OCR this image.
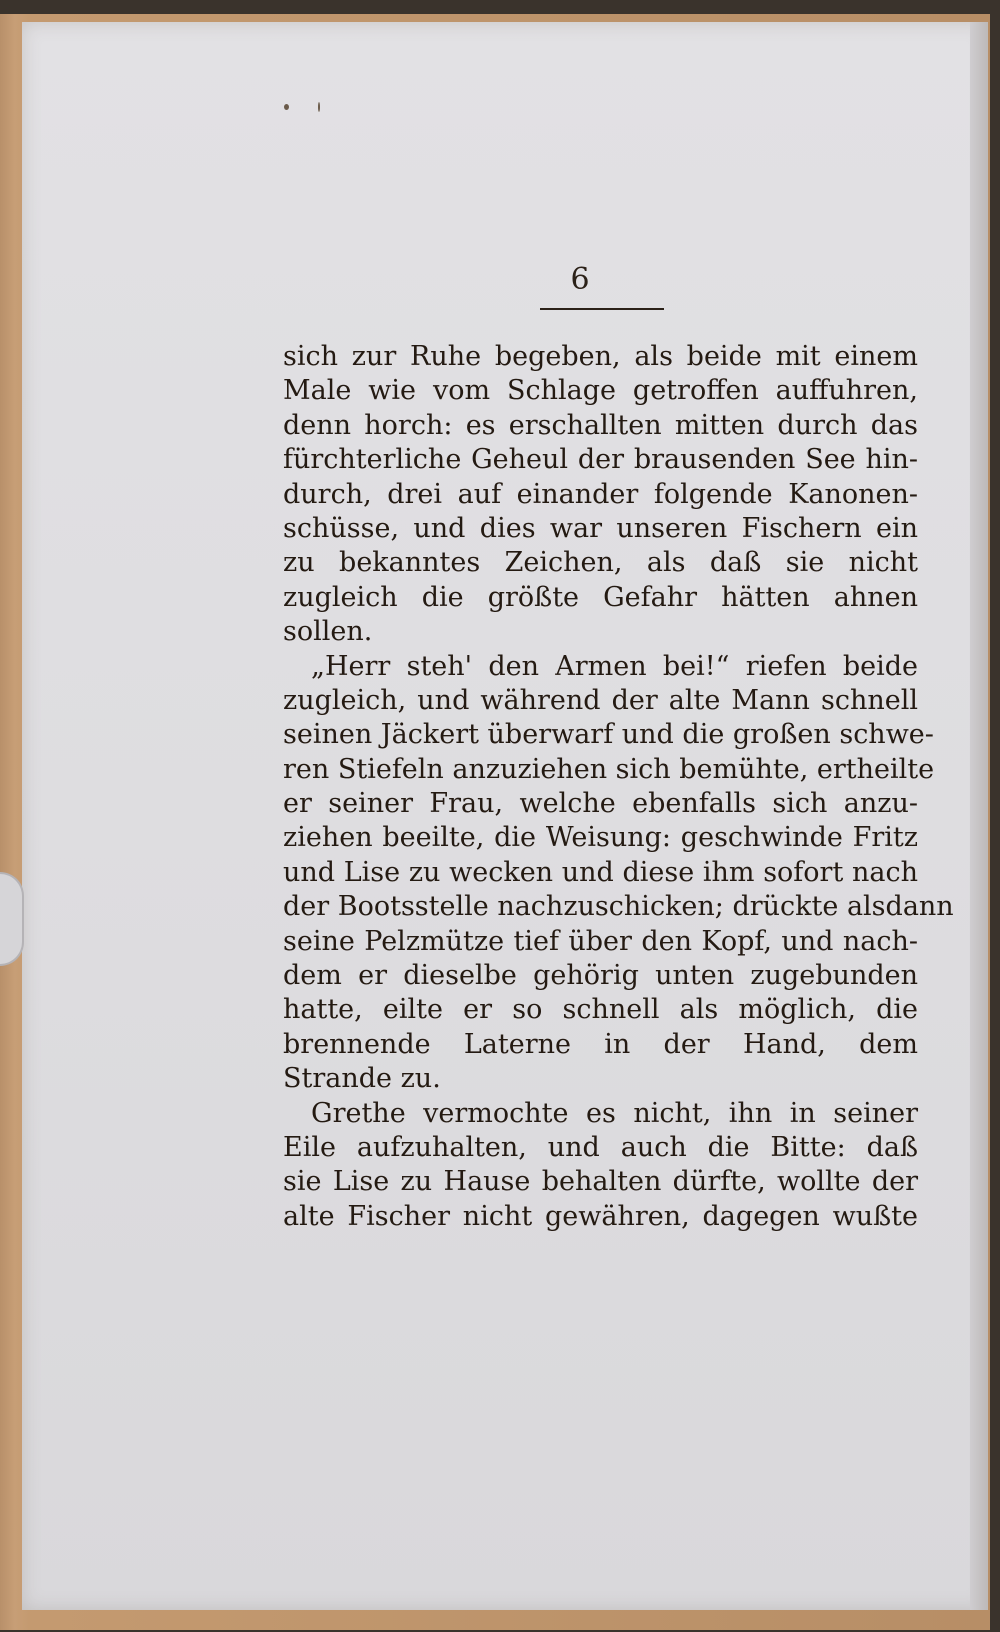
6
sich zur Ruhe begeben, als beide mit einem
Male wie vom Schlage getroffen auffuhren,
denn horch: es erschallten mitten durch das
fürchterliche Geheul der brausenden See hin-
durch, drei auf einander folgende Kanonen-
schüsse, und dies war unseren Fischern ein
zu bekanntes Zeichen, als daß sie nicht
zugleich die größte Gefahr hätten ahnen
sollen.
„Herr steh' den Armen bei!“ riefen beide
zugleich, und während der alte Mann schnell
seinen Jäckert überwarf und die großen schwe-
ren Stiefeln anzuziehen sich bemühte, ertheilte
er seiner Frau, welche ebenfalls sich anzu-
ziehen beeilte, die Weisung: geschwinde Fritz
und Lise zu wecken und diese ihm sofort nach
der Bootsstelle nachzuschicken; drückte alsdann
seine Pelzmütze tief über den Kopf, und nach-
dem er dieselbe gehörig unten zugebunden
hatte, eilte er so schnell als möglich, die
brennende Laterne in der Hand, dem
Strande zu.
Grethe vermochte es nicht, ihn in seiner
Eile aufzuhalten, und auch die Bitte: daß
sie Lise zu Hause behalten dürfte, wollte der
alte Fischer nicht gewähren, dagegen wußte
